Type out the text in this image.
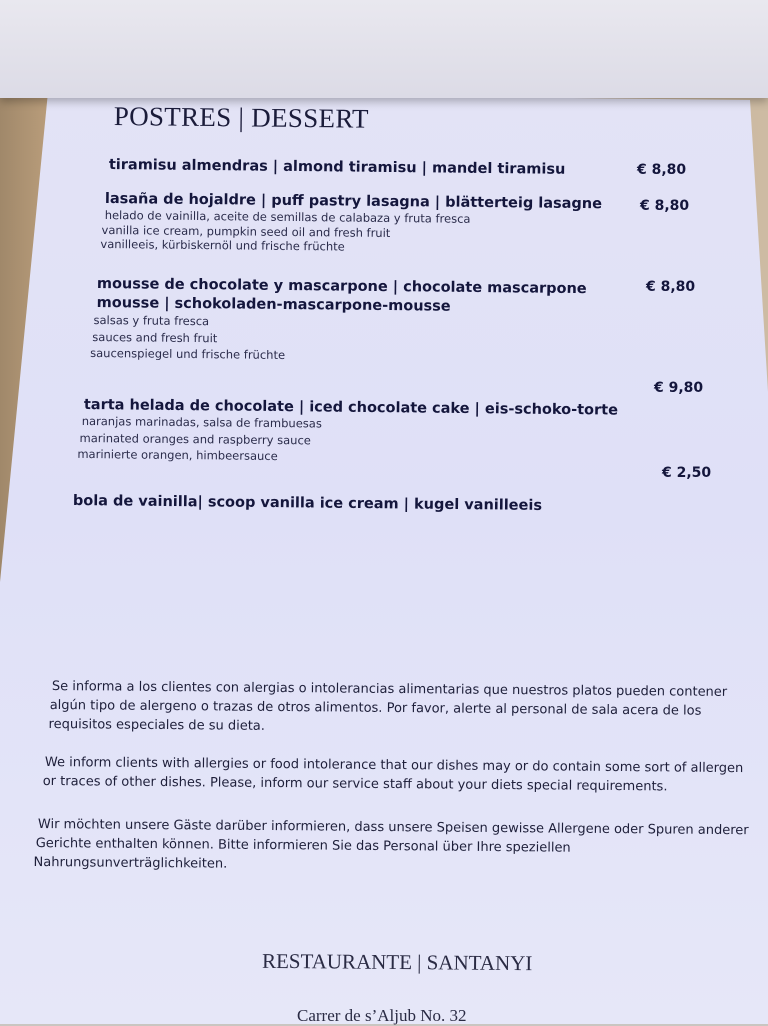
POSTRES | DESSERT
tiramisu almendras | almond tiramisu | mandel tiramisu	€ 8,80
lasaña de hojaldre | puff pastry lasagna | blätterteig lasagne
helado de vainilla, aceite de semillas de calabaza y fruta fresca
vanilla ice cream, pumpkin seed oil and fresh fruit
vanilleeis, kürbiskernöl und frische früchte
€ 8,80
mousse de chocolate y mascarpone | chocolate mascarpone
mousse | schokoladen-mascarpone-mousse
salsas y fruta fresca
sauces and fresh fruit
saucenspiegel und frische früchte
€ 8,80
€ 9,80
tarta helada de chocolate | iced chocolate cake | eis-schoko-torte
naranjas marinadas, salsa de frambuesas
marinated oranges and raspberry sauce
marinierte orangen, himbeersauce
€ 2,50
bola de vainilla| scoop vanilla ice cream | kugel vanilleeis
Se informa a los clientes con alergias o intolerancias alimentarias que nuestros platos pueden contener
algún tipo de alergeno o trazas de otros alimentos. Por favor, alerte al personal de sala acera de los
requisitos especiales de su dieta.
We inform clients with allergies or food intolerance that our dishes may or do contain some sort of allergen
or traces of other dishes. Please, inform our service staff about your diets special requirements.
Wir möchten unsere Gäste darüber informieren, dass unsere Speisen gewisse Allergene oder Spuren anderer
Gerichte enthalten können. Bitte informieren Sie das Personal über Ihre speziellen
Nahrungsunverträglichkeiten.
RESTAURANTE | SANTANYI
Carrer de s’Aljub No. 32
